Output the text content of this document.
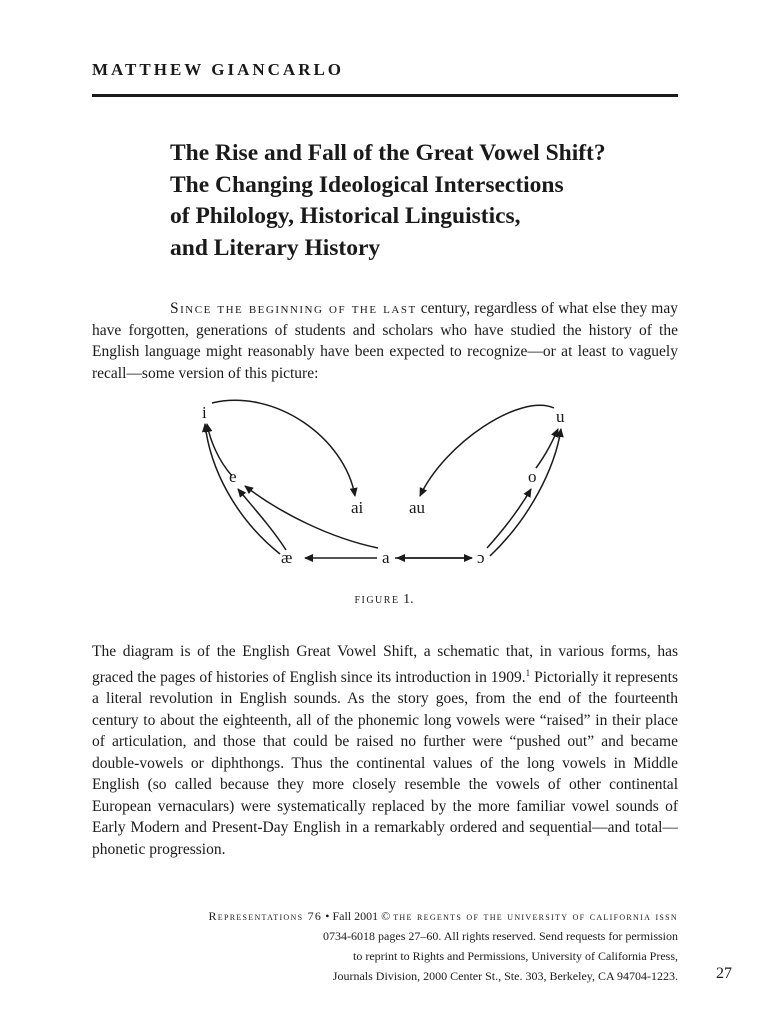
MATTHEW GIANCARLO
The Rise and Fall of the Great Vowel Shift?
The Changing Ideological Intersections
of Philology, Historical Linguistics,
and Literary History
Since the beginning of the last century, regardless of what else they may have forgotten, generations of students and scholars who have studied the history of the English language might reasonably have been expected to recognize—or at least to vaguely recall—some version of this picture:
i
e
æ	a	ɔ
o
u
ai	au
figure 1.
The diagram is of the English Great Vowel Shift, a schematic that, in various forms, has graced the pages of histories of English since its introduction in 1909.$^1$ Pictorially it represents a literal revolution in English sounds. As the story goes, from the end of the fourteenth century to about the eighteenth, all of the phonemic long vowels were “raised” in their place of articulation, and those that could be raised no further were “pushed out” and became double-vowels or diphthongs. Thus the continental values of the long vowels in Middle English (so called because they more closely resemble the vowels of other continental European vernaculars) were systematically replaced by the more familiar vowel sounds of Early Modern and Present-Day English in a remarkably ordered and sequential—and total—phonetic progression.
Representations 76 • Fall 2001 © the regents of the university of california issn
0734-6018 pages 27–60. All rights reserved. Send requests for permission
to reprint to Rights and Permissions, University of California Press,
Journals Division, 2000 Center St., Ste. 303, Berkeley, CA 94704-1223. 27
